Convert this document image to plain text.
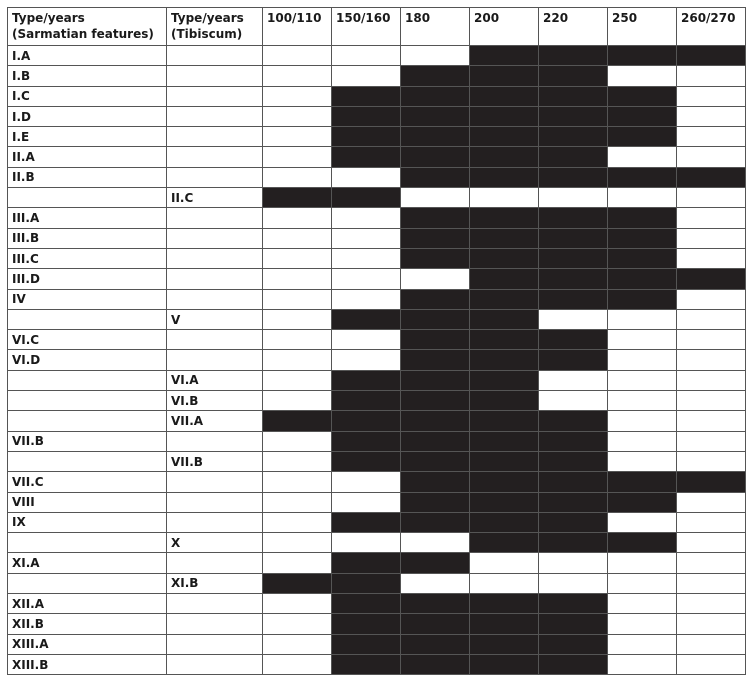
Type/years (Sarmatian features)	Type/years (Tibiscum)	100/110	150/160	180	200	220	250	260/270
I.A								
I.B								
I.C								
I.D								
I.E								
II.A								
II.B								
	II.C							
III.A								
III.B								
III.C								
III.D								
IV								
	V							
VI.C								
VI.D								
	VI.A							
	VI.B							
	VII.A							
VII.B								
	VII.B							
VII.C								
VIII								
IX								
	X							
XI.A								
	XI.B							
XII.A								
XII.B								
XIII.A								
XIII.B								
